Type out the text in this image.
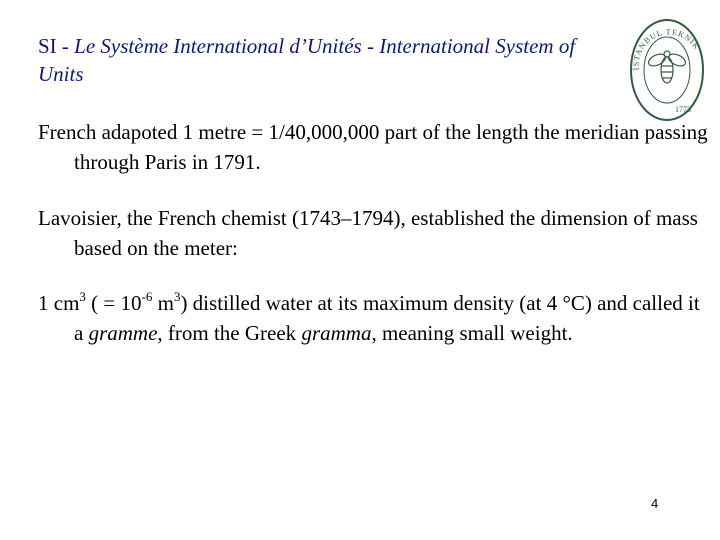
SI - Le Système International d’Unités - International System of Units	İSTANBUL TEKNİK
1773

French adapoted 1 metre = 1/40,000,000 part of the length the meridian passing through Paris in 1791.

Lavoisier, the French chemist (1743–1794), established the dimension of mass based on the meter:

1 $cm^3$ ( = $10^{-6}$ $m^3$) distilled water at its maximum density (at 4 °C) and called it a gramme, from the Greek gramma, meaning small weight.

4
